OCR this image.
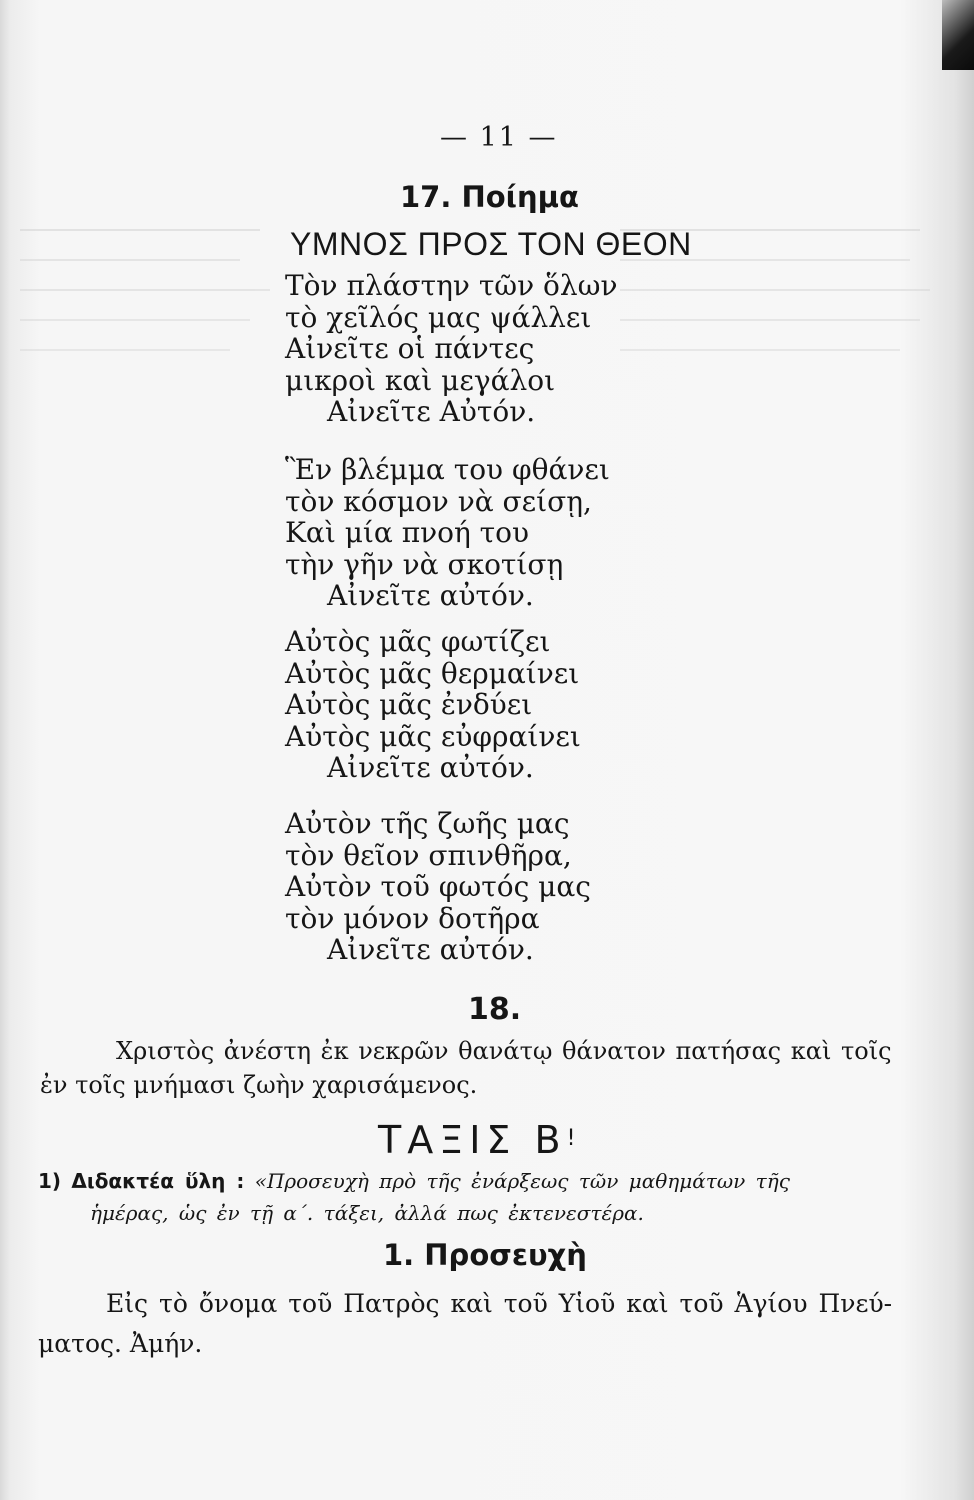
— 11 —
17. Ποίημα
ΥΜΝΟΣ ΠΡΟΣ ΤΟΝ ΘΕΟΝ
Τὸν πλάστην τῶν ὅλων
τὸ χεῖλός μας ψάλλει
Αἰνεῖτε οἱ πάντες
μικροὶ καὶ μεγάλοι
Αἰνεῖτε Αὐτόν.
Ἓν βλέμμα του φθάνει
τὸν κόσμον νὰ σείσῃ,
Καὶ μία πνοή του
τὴν γῆν νὰ σκοτίσῃ
Αἰνεῖτε αὐτόν.
Αὐτὸς μᾶς φωτίζει
Αὐτὸς μᾶς θερμαίνει
Αὐτὸς μᾶς ἐνδύει
Αὐτὸς μᾶς εὐφραίνει
Αἰνεῖτε αὐτόν.
Αὐτὸν τῆς ζωῆς μας
τὸν θεῖον σπινθῆρα,
Αὐτὸν τοῦ φωτός μας
τὸν μόνον δοτῆρα
Αἰνεῖτε αὐτόν.
18.
Χριστὸς ἀνέστη ἐκ νεκρῶν θανάτῳ θάνατον πατήσας καὶ τοῖς
ἐν τοῖς μνήμασι ζωὴν χαρισάμενος.
ΤΑΞΙΣ Β!
1) Διδακτέα ὕλη : «Προσευχὴ πρὸ τῆς ἐνάρξεως τῶν μαθημάτων τῆς
ἡμέρας, ὡς ἐν τῇ α΄. τάξει, ἀλλά πως ἐκτενεστέρα.
1. Προσευχὴ
Εἰς τὸ ὄνομα τοῦ Πατρὸς καὶ τοῦ Υἱοῦ καὶ τοῦ Ἁγίου Πνεύ-
ματος. Ἀμήν.
